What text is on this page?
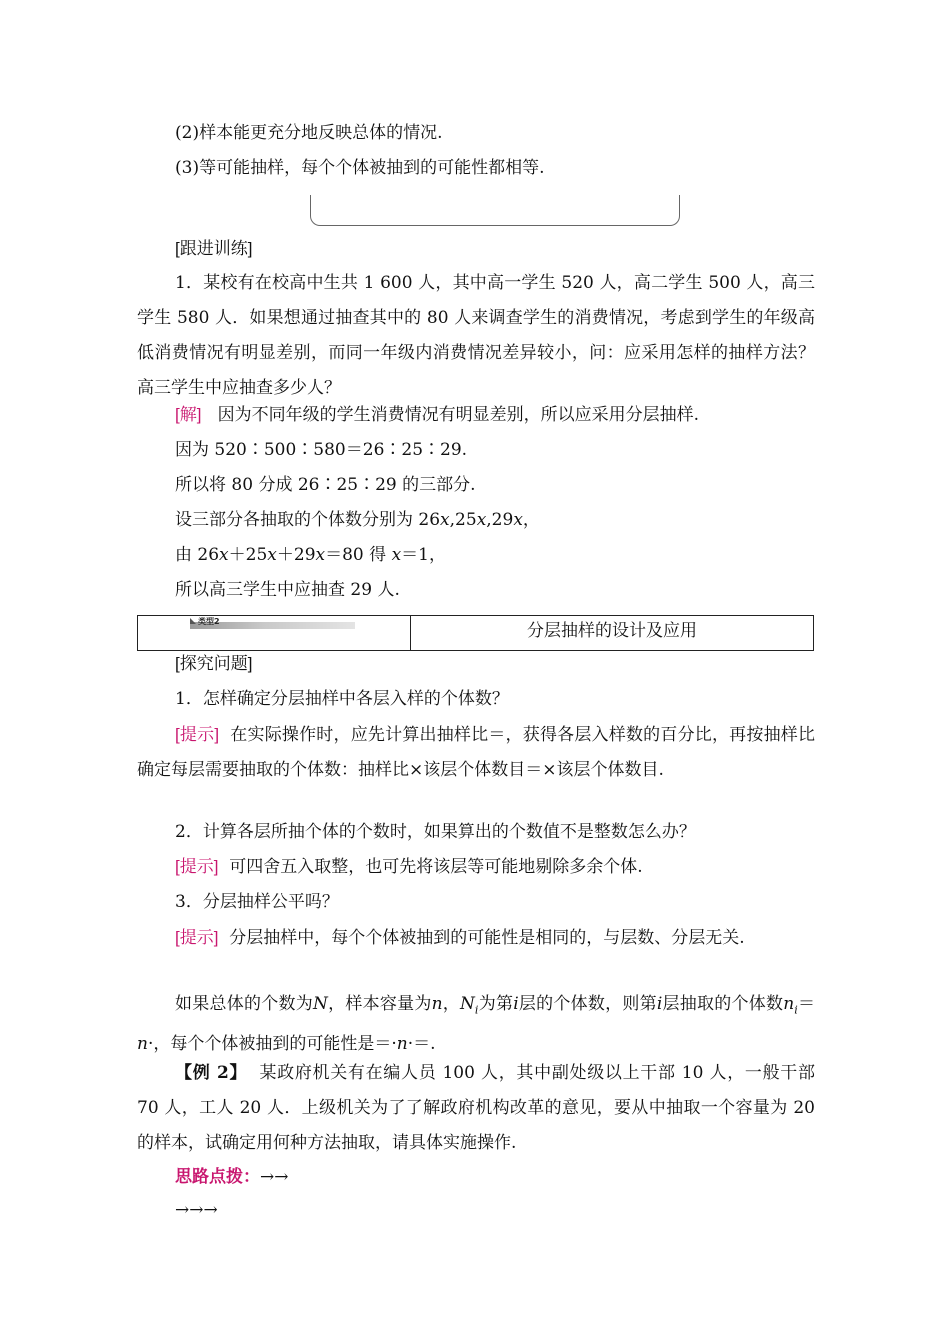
(2)样本能更充分地反映总体的情况.
(3)等可能抽样，每个个体被抽到的可能性都相等.
[跟进训练]
1．某校有在校高中生共 1 600 人，其中高一学生 520 人，高二学生 500 人，高三学生 580 人．如果想通过抽查其中的 80 人来调查学生的消费情况，考虑到学生的年级高低消费情况有明显差别，而同一年级内消费情况差异较小，问：应采用怎样的抽样方法？高三学生中应抽查多少人？
[解] 因为不同年级的学生消费情况有明显差别，所以应采用分层抽样.
因为 520∶500∶580＝26∶25∶29.
所以将 80 分成 26∶25∶29 的三部分.
设三部分各抽取的个体数分别为 26x,25x,29x，
由 26x＋25x＋29x＝80 得 x＝1，
所以高三学生中应抽查 29 人.
类型2	分层抽样的设计及应用
[探究问题]
1．怎样确定分层抽样中各层入样的个体数？
[提示] 在实际操作时，应先计算出抽样比＝，获得各层入样数的百分比，再按抽样比确定每层需要抽取的个体数：抽样比×该层个体数目＝×该层个体数目.
2．计算各层所抽个体的个数时，如果算出的个数值不是整数怎么办？
[提示] 可四舍五入取整，也可先将该层等可能地剔除多余个体.
3．分层抽样公平吗？
[提示] 分层抽样中，每个个体被抽到的可能性是相同的，与层数、分层无关.
如果总体的个数为N，样本容量为n，$N_i$为第i层的个体数，则第i层抽取的个体数$n_i=n\cdot$，每个个体被抽到的可能性是＝·n·＝.
【例 2】 某政府机关有在编人员 100 人，其中副处级以上干部 10 人，一般干部 70 人，工人 20 人．上级机关为了了解政府机构改革的意见，要从中抽取一个容量为 20 的样本，试确定用何种方法抽取，请具体实施操作.
思路点拨：→→
→→→
